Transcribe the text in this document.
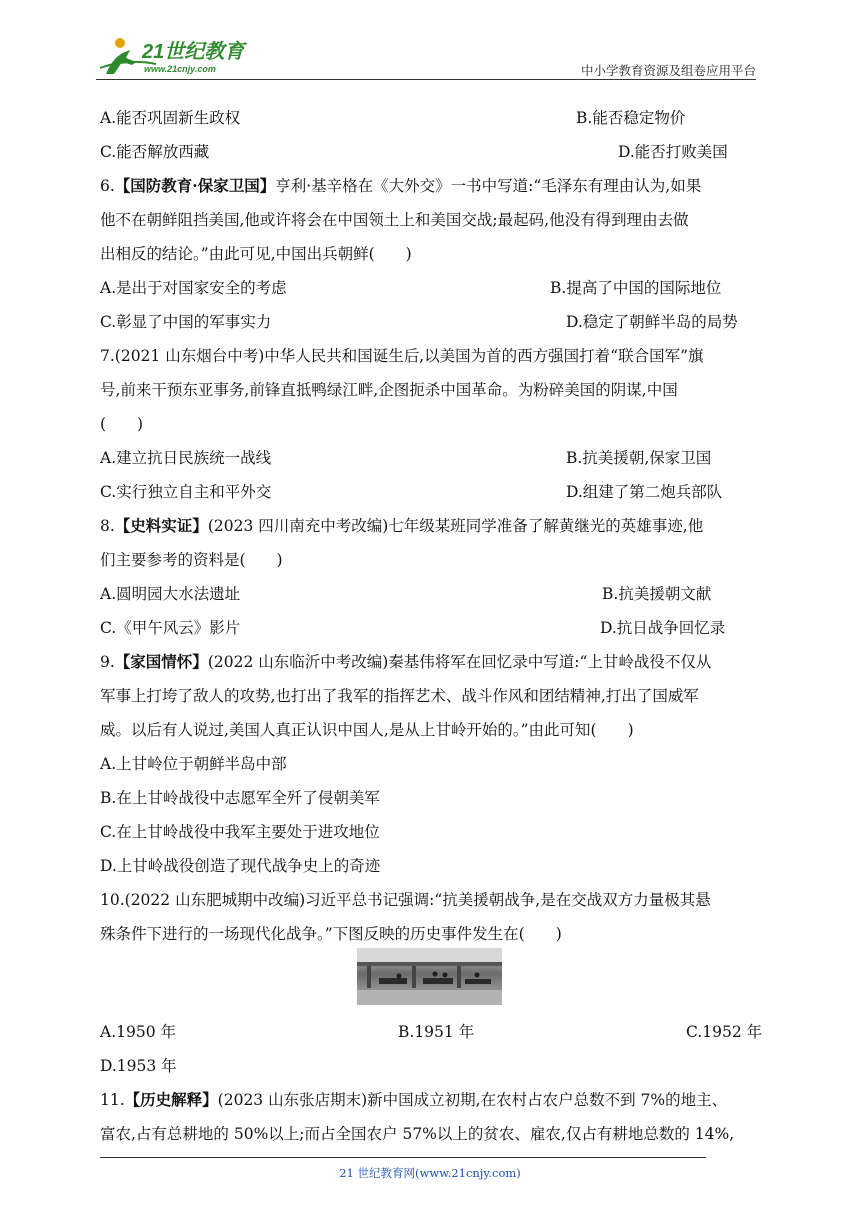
21世纪教育
www.21cnjy.com	中小学教育资源及组卷应用平台
A.能否巩固新生政权	B.能否稳定物价
C.能否解放西藏	D.能否打败美国
6.【国防教育·保家卫国】亨利·基辛格在《大外交》一书中写道:“毛泽东有理由认为,如果
他不在朝鲜阻挡美国,他或许将会在中国领土上和美国交战;最起码,他没有得到理由去做
出相反的结论。”由此可见,中国出兵朝鲜(　　)
A.是出于对国家安全的考虑	B.提高了中国的国际地位
C.彰显了中国的军事实力	D.稳定了朝鲜半岛的局势
7.(2021 山东烟台中考)中华人民共和国诞生后,以美国为首的西方强国打着“联合国军”旗
号,前来干预东亚事务,前锋直抵鸭绿江畔,企图扼杀中国革命。为粉碎美国的阴谋,中国
(　　)
A.建立抗日民族统一战线	B.抗美援朝,保家卫国
C.实行独立自主和平外交	D.组建了第二炮兵部队
8.【史料实证】(2023 四川南充中考改编)七年级某班同学准备了解黄继光的英雄事迹,他
们主要参考的资料是(　　)
A.圆明园大水法遗址	B.抗美援朝文献
C.《甲午风云》影片	D.抗日战争回忆录
9.【家国情怀】(2022 山东临沂中考改编)秦基伟将军在回忆录中写道:“上甘岭战役不仅从
军事上打垮了敌人的攻势,也打出了我军的指挥艺术、战斗作风和团结精神,打出了国威军
威。以后有人说过,美国人真正认识中国人,是从上甘岭开始的。”由此可知(　　)
A.上甘岭位于朝鲜半岛中部
B.在上甘岭战役中志愿军全歼了侵朝美军
C.在上甘岭战役中我军主要处于进攻地位
D.上甘岭战役创造了现代战争史上的奇迹
10.(2022 山东肥城期中改编)习近平总书记强调:“抗美援朝战争,是在交战双方力量极其悬
殊条件下进行的一场现代化战争。”下图反映的历史事件发生在(　　)
A.1950 年	B.1951 年	C.1952 年
D.1953 年
11.【历史解释】(2023 山东张店期末)新中国成立初期,在农村占农户总数不到 7%的地主、
富农,占有总耕地的 50%以上;而占全国农户 57%以上的贫农、雇农,仅占有耕地总数的 14%,
21 世纪教育网(www.21cnjy.com)
